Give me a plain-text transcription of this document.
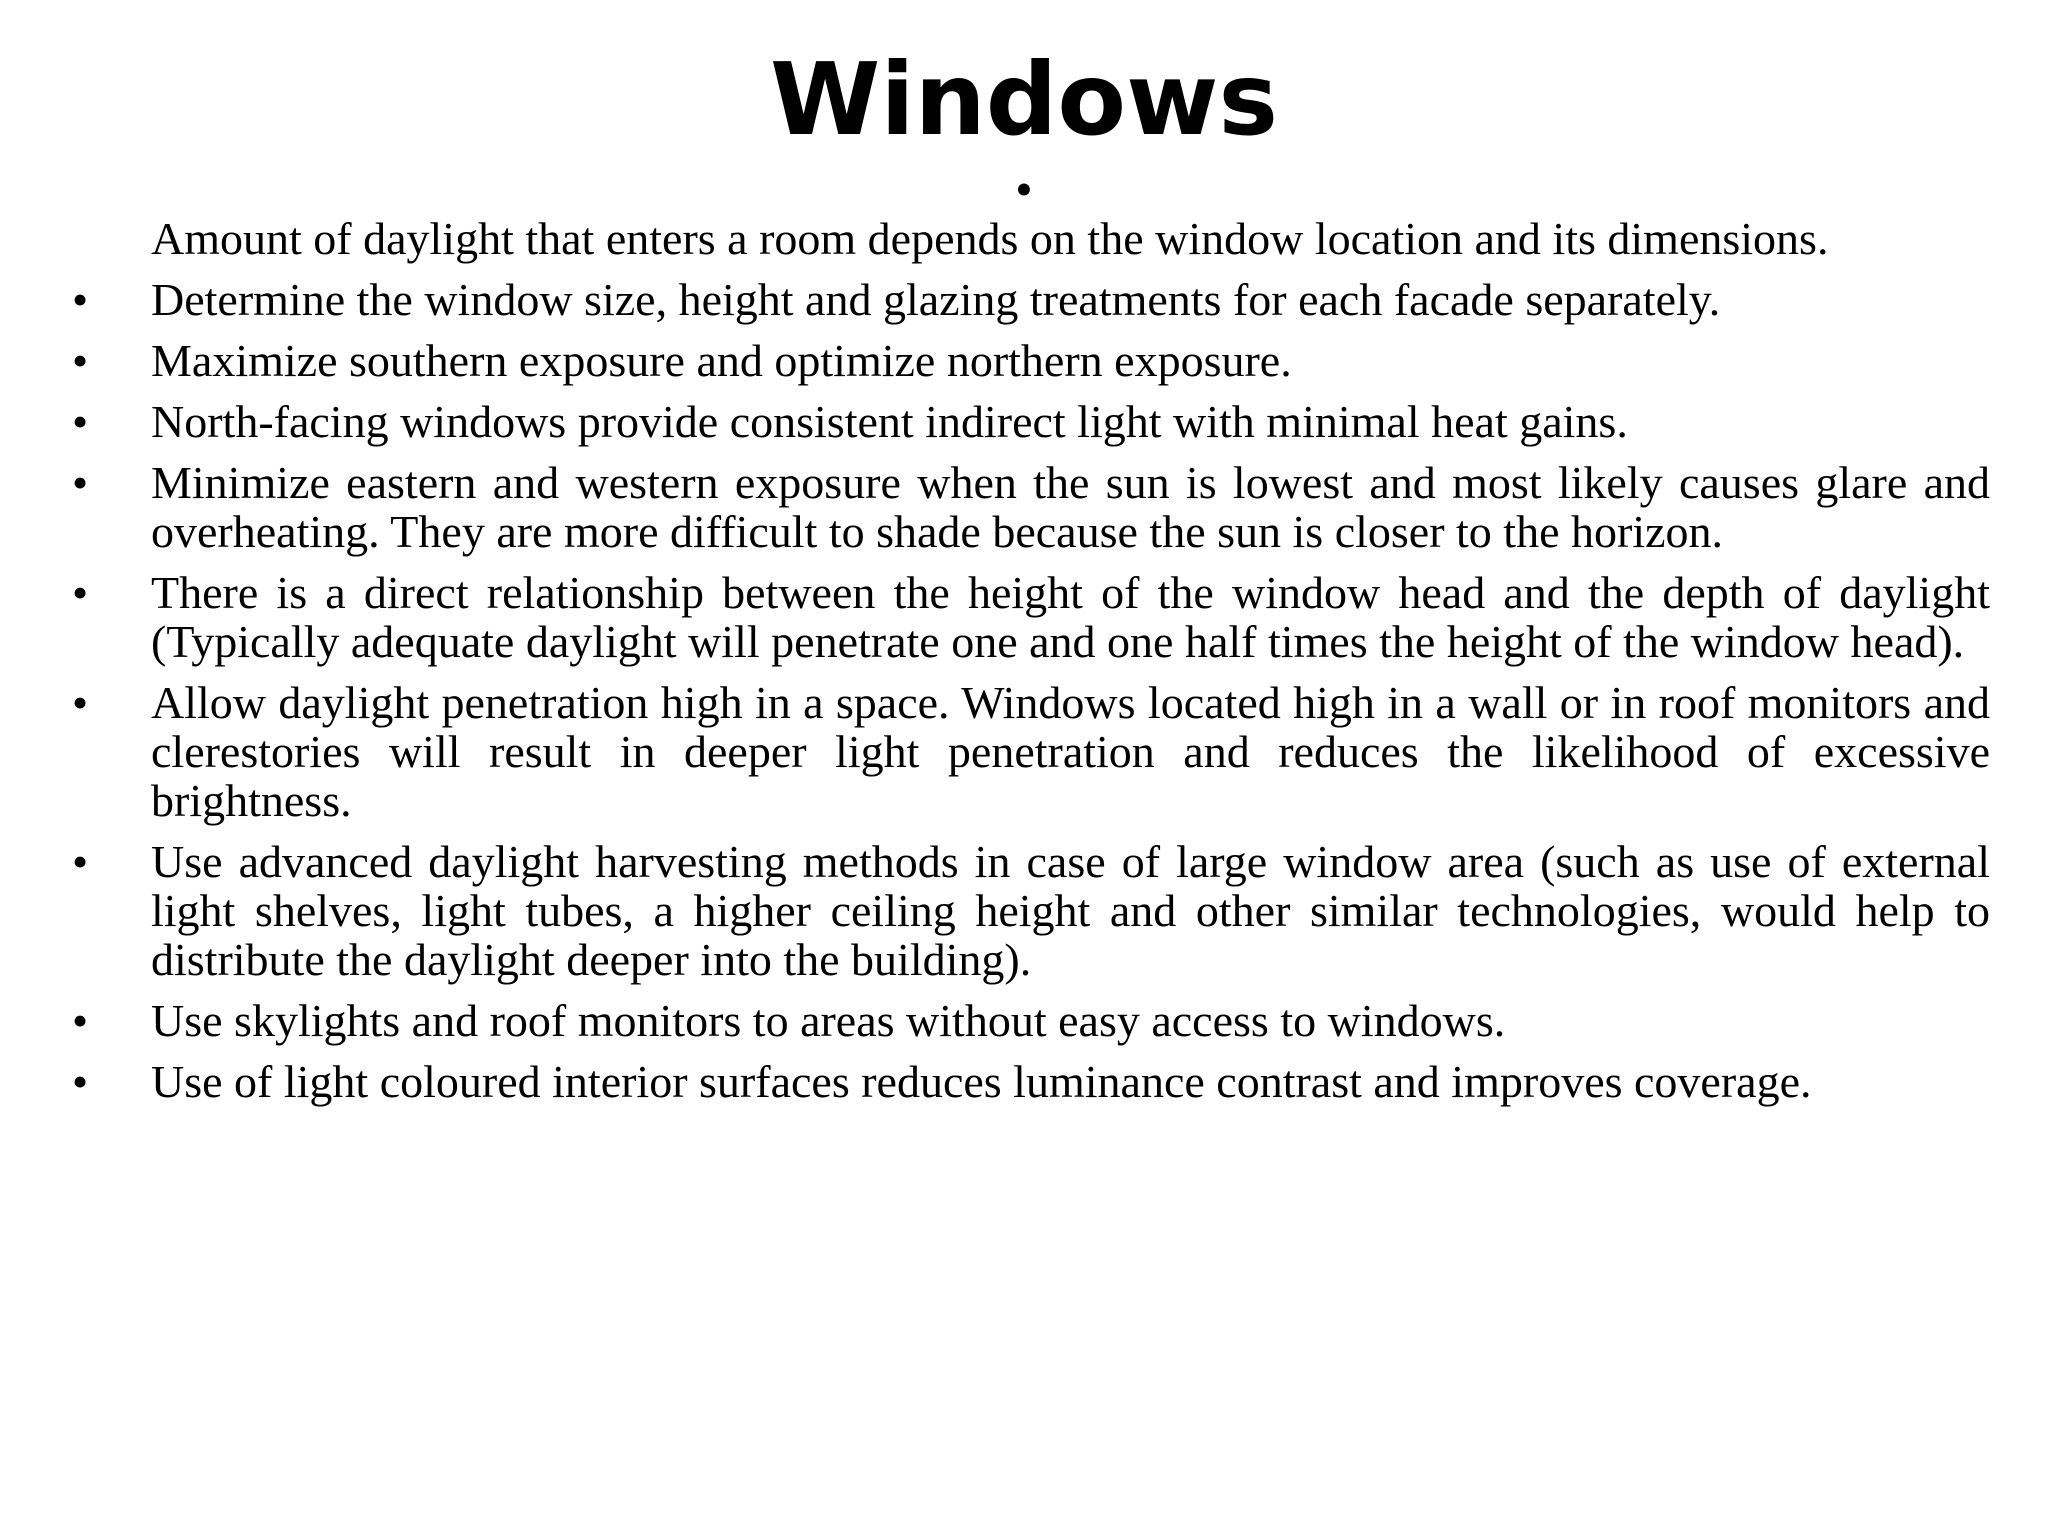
Windows
•
Amount of daylight that enters a room depends on the window location and its dimensions.
• Determine the window size, height and glazing treatments for each facade separately.
• Maximize southern exposure and optimize northern exposure.
• North-facing windows provide consistent indirect light with minimal heat gains.
• Minimize eastern and western exposure when the sun is lowest and most likely causes glare and overheating. They are more difficult to shade because the sun is closer to the horizon.
• There is a direct relationship between the height of the window head and the depth of daylight (Typically adequate daylight will penetrate one and one half times the height of the window head).
• Allow daylight penetration high in a space. Windows located high in a wall or in roof monitors and clerestories will result in deeper light penetration and reduces the likelihood of excessive brightness.
• Use advanced daylight harvesting methods in case of large window area (such as use of external light shelves, light tubes, a higher ceiling height and other similar technologies, would help to distribute the daylight deeper into the building).
• Use skylights and roof monitors to areas without easy access to windows.
• Use of light coloured interior surfaces reduces luminance contrast and improves coverage.
